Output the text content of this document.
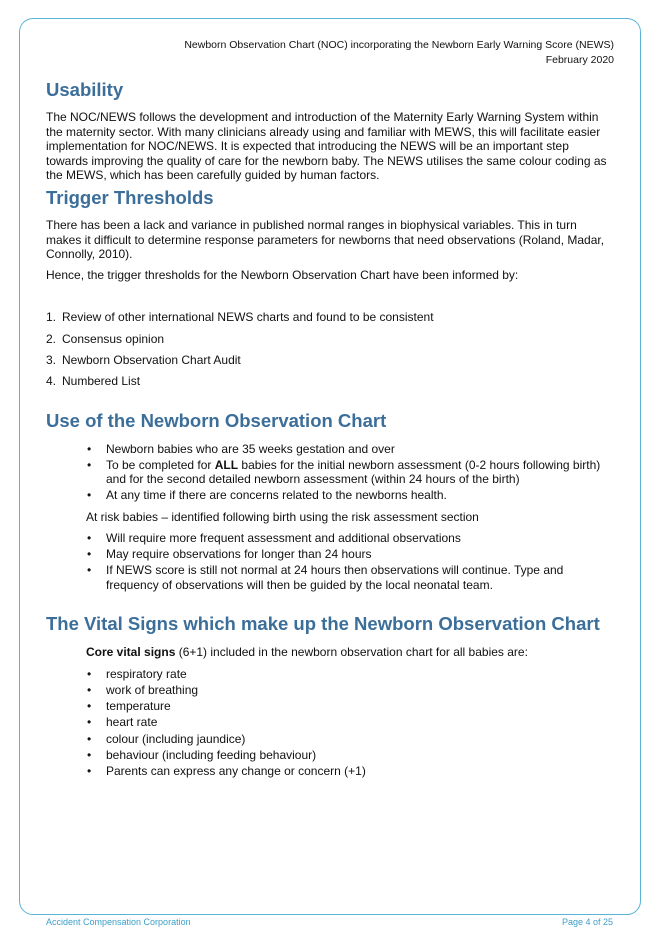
Newborn Observation Chart (NOC) incorporating the Newborn Early Warning Score (NEWS)
February 2020
Usability

The NOC/NEWS follows the development and introduction of the Maternity Early Warning System within the maternity sector. With many clinicians already using and familiar with MEWS, this will facilitate easier implementation for NOC/NEWS. It is expected that introducing the NEWS will be an important step towards improving the quality of care for the newborn baby. The NEWS utilises the same colour coding as the MEWS, which has been carefully guided by human factors.

Trigger Thresholds

There has been a lack and variance in published normal ranges in biophysical variables. This in turn makes it difficult to determine response parameters for newborns that need observations (Roland, Madar, Connolly, 2010).

Hence, the trigger thresholds for the Newborn Observation Chart have been informed by:

1. Review of other international NEWS charts and found to be consistent
2. Consensus opinion
3. Newborn Observation Chart Audit
4. Numbered List
Use of the Newborn Observation Chart
• Newborn babies who are 35 weeks gestation and over
• To be completed for ALL babies for the initial newborn assessment (0-2 hours following birth) and for the second detailed newborn assessment (within 24 hours of the birth)
• At any time if there are concerns related to the newborns health.

At risk babies – identified following birth using the risk assessment section

• Will require more frequent assessment and additional observations
• May require observations for longer than 24 hours
• If NEWS score is still not normal at 24 hours then observations will continue. Type and frequency of observations will then be guided by the local neonatal team.
The Vital Signs which make up the Newborn Observation Chart

Core vital signs (6+1) included in the newborn observation chart for all babies are:

• respiratory rate
• work of breathing
• temperature
• heart rate
• colour (including jaundice)
• behaviour (including feeding behaviour)
• Parents can express any change or concern (+1)
Accident Compensation Corporation	Page 4 of 25
